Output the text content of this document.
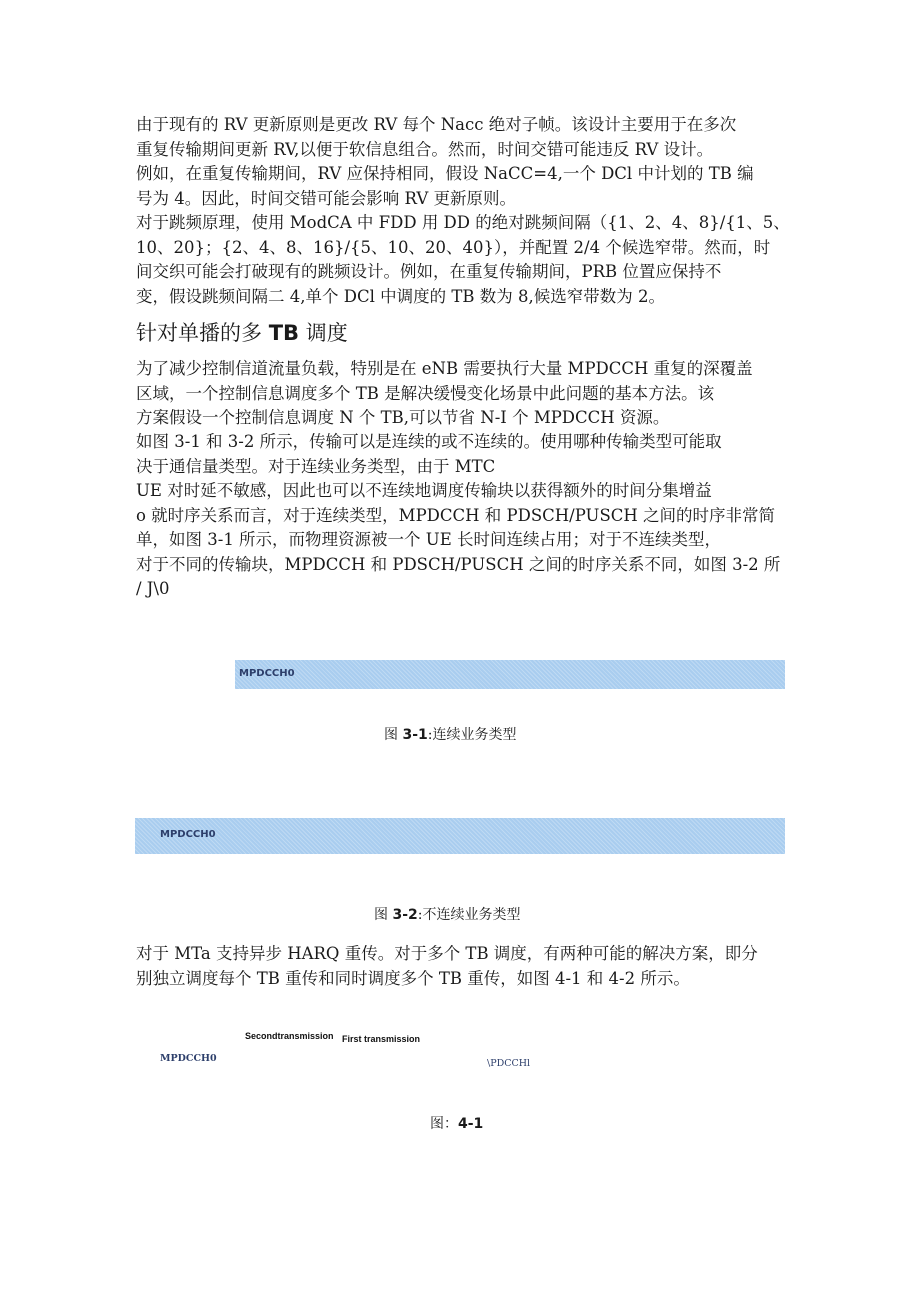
由于现有的 RV 更新原则是更改 RV 每个 Nacc 绝对子帧。该设计主要用于在多次
重复传输期间更新 RV,以便于软信息组合。然而，时间交错可能违反 RV 设计。
例如，在重复传输期间，RV 应保持相同，假设 NaCC=4,一个 DCl 中计划的 TB 编
号为 4。因此，时间交错可能会影响 RV 更新原则。
对于跳频原理，使用 ModCA 中 FDD 用 DD 的绝对跳频间隔（{1、2、4、8}/{1、5、
10、20}；{2、4、8、16}/{5、10、20、40}），并配置 2/4 个候选窄带。然而，时
间交织可能会打破现有的跳频设计。例如，在重复传输期间，PRB 位置应保持不
变，假设跳频间隔二 4,单个 DCl 中调度的 TB 数为 8,候选窄带数为 2。
针对单播的多 TB 调度
为了减少控制信道流量负载，特别是在 eNB 需要执行大量 MPDCCH 重复的深覆盖
区域，一个控制信息调度多个 TB 是解决缓慢变化场景中此问题的基本方法。该
方案假设一个控制信息调度 N 个 TB,可以节省 N-I 个 MPDCCH 资源。
如图 3-1 和 3-2 所示，传输可以是连续的或不连续的。使用哪种传输类型可能取
决于通信量类型。对于连续业务类型，由于 MTC
UE 对时延不敏感，因此也可以不连续地调度传输块以获得额外的时间分集增益
o 就时序关系而言，对于连续类型，MPDCCH 和 PDSCH/PUSCH 之间的时序非常简
单，如图 3-1 所示，而物理资源被一个 UE 长时间连续占用；对于不连续类型，
对于不同的传输块，MPDCCH 和 PDSCH/PUSCH 之间的时序关系不同，如图 3-2 所
/ J\0
MPDCCH0
图 3-1:连续业务类型
MPDCCH0
图 3-2:不连续业务类型
对于 MTa 支持异步 HARQ 重传。对于多个 TB 调度，有两种可能的解决方案，即分
别独立调度每个 TB 重传和同时调度多个 TB 重传，如图 4-1 和 4-2 所示。
Secondtransmission First transmission
MPDCCH0	\PDCCHl
图：4-1
